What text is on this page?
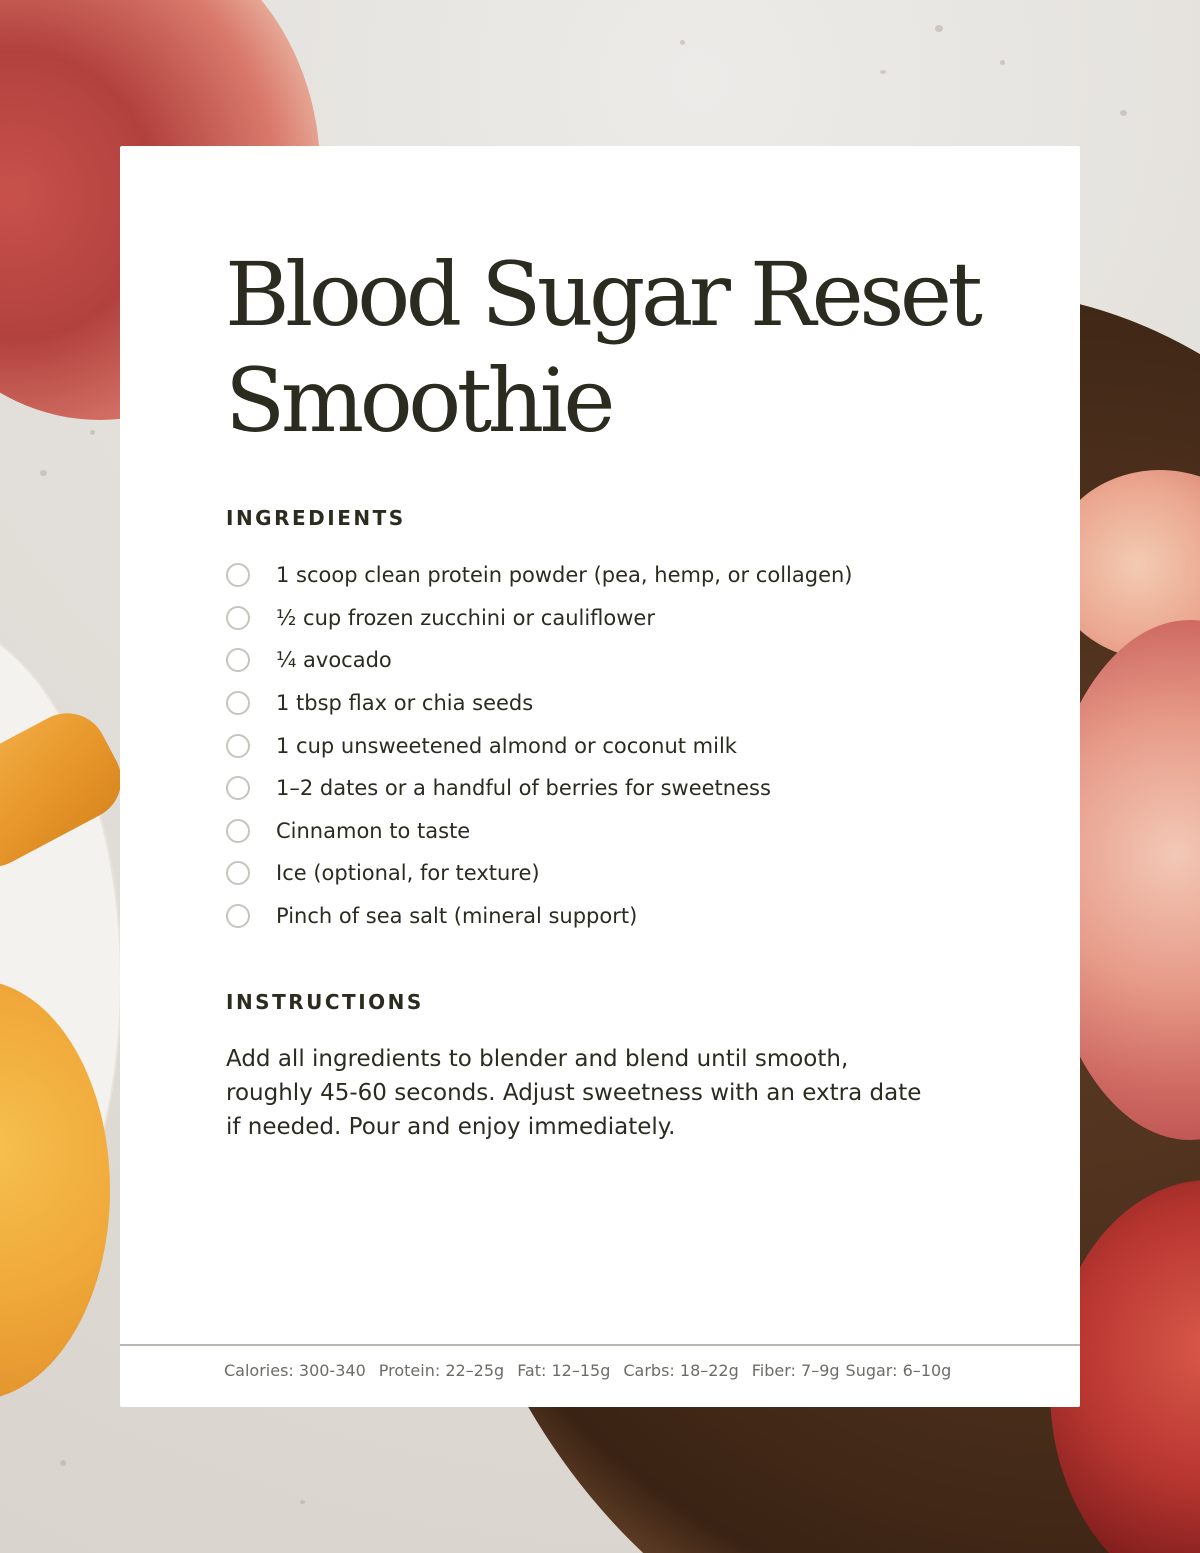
Blood Sugar Reset
Smoothie
INGREDIENTS
1 scoop clean protein powder (pea, hemp, or collagen)
½ cup frozen zucchini or cauliflower
¼ avocado
1 tbsp flax or chia seeds
1 cup unsweetened almond or coconut milk
1–2 dates or a handful of berries for sweetness
Cinnamon to taste
Ice (optional, for texture)
Pinch of sea salt (mineral support)
INSTRUCTIONS

Add all ingredients to blender and blend until smooth, roughly 45-60 seconds. Adjust sweetness with an extra date if needed. Pour and enjoy immediately.

Calories: 300-340 Protein: 22–25g Fat: 12–15g Carbs: 18–22g Fiber: 7–9g Sugar: 6–10g
